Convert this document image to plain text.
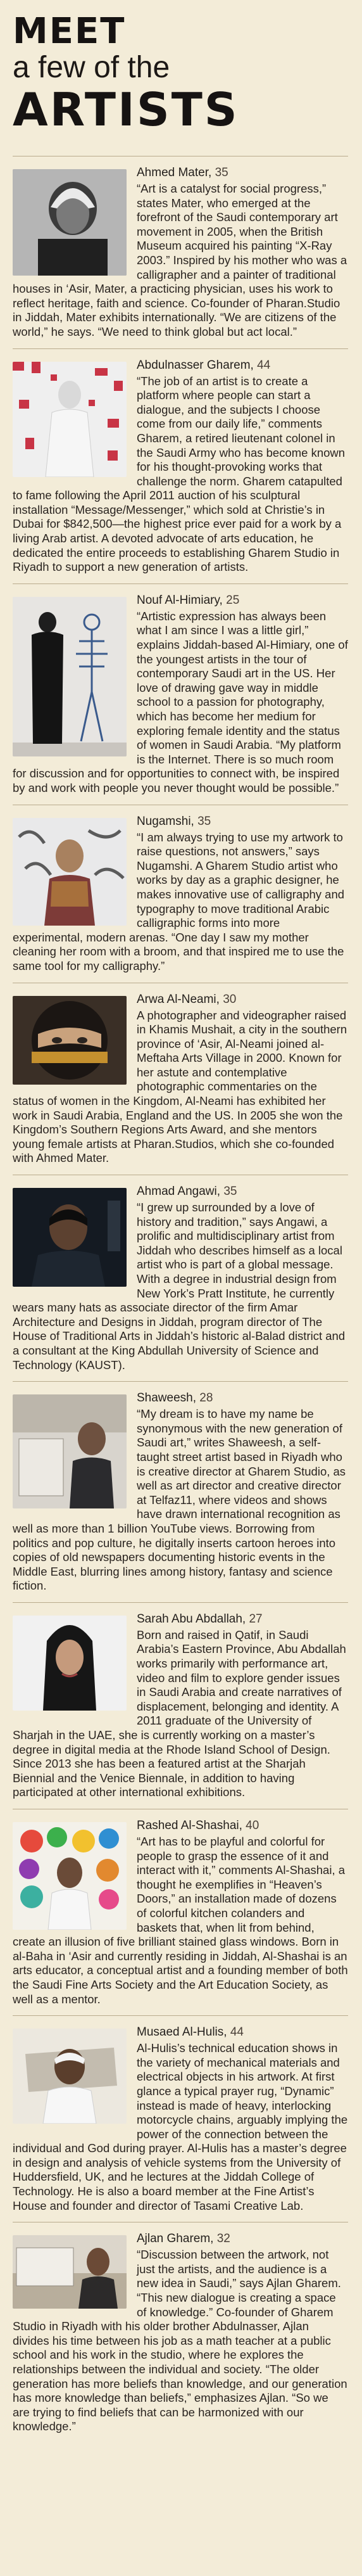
MEET
a few of the
ARTISTS
Ahmed Mater, 35
“Art is a catalyst for social progress,” states Mater, who emerged at the forefront of the Saudi contemporary art movement in 2005, when the British Museum acquired his painting “X-Ray 2003.” Inspired by his mother who was a calligrapher and a painter of traditional houses in ‘Asir, Mater, a practicing physician, uses his work to reflect heritage, faith and science. Co-founder of Pharan.Studio in Jiddah, Mater exhibits internationally. “We are citizens of the world,” he says. “We need to think global but act local.”
Abdulnasser Gharem, 44
“The job of an artist is to create a platform where people can start a dialogue, and the subjects I choose come from our daily life,” comments Gharem, a retired lieutenant colonel in the Saudi Army who has become known for his thought-provoking works that challenge the norm. Gharem catapulted to fame following the April 2011 auction of his sculptural installation “Message/Messenger,” which sold at Christie’s in Dubai for $842,500—the highest price ever paid for a work by a living Arab artist. A devoted advocate of arts education, he dedicated the entire proceeds to establishing Gharem Studio in Riyadh to support a new generation of artists.
Nouf Al-Himiary, 25
“Artistic expression has always been what I am since I was a little girl,” explains Jiddah-based Al-Himiary, one of the youngest artists in the tour of contemporary Saudi art in the US. Her love of drawing gave way in middle school to a passion for photography, which has become her medium for exploring female identity and the status of women in Saudi Arabia. “My platform is the Internet. There is so much room for discussion and for opportunities to connect with, be inspired by and work with people you never thought would be possible.”
Nugamshi, 35
“I am always trying to use my artwork to raise questions, not answers,” says Nugamshi. A Gharem Studio artist who works by day as a graphic designer, he makes innovative use of calligraphy and typography to move traditional Arabic calligraphic forms into more experimental, modern arenas. “One day I saw my mother cleaning her room with a broom, and that inspired me to use the same tool for my calligraphy.”
Arwa Al-Neami, 30
A photographer and videographer raised in Khamis Mushait, a city in the southern province of ‘Asir, Al-Neami joined al-Meftaha Arts Village in 2000. Known for her astute and contemplative photographic commentaries on the status of women in the Kingdom, Al-Neami has exhibited her work in Saudi Arabia, England and the US. In 2005 she won the Kingdom’s Southern Regions Arts Award, and she mentors young female artists at Pharan.Studios, which she co-founded with Ahmed Mater.
Ahmad Angawi, 35
“I grew up surrounded by a love of history and tradition,” says Angawi, a prolific and multidisciplinary artist from Jiddah who describes himself as a local artist who is part of a global message. With a degree in industrial design from New York’s Pratt Institute, he currently wears many hats as associate director of the firm Amar Architecture and Designs in Jiddah, program director of The House of Traditional Arts in Jiddah’s historic al-Balad district and a consultant at the King Abdullah University of Science and Technology (KAUST).
Shaweesh, 28
“My dream is to have my name be synonymous with the new generation of Saudi art,” writes Shaweesh, a self-taught street artist based in Riyadh who is creative director at Gharem Studio, as well as art director and creative director at Telfaz11, where videos and shows have drawn international recognition as well as more than 1 billion YouTube views. Borrowing from politics and pop culture, he digitally inserts cartoon heroes into copies of old newspapers documenting historic events in the Middle East, blurring lines among history, fantasy and science fiction.
Sarah Abu Abdallah, 27
Born and raised in Qatif, in Saudi Arabia’s Eastern Province, Abu Abdallah works primarily with performance art, video and film to explore gender issues in Saudi Arabia and create narratives of displacement, belonging and identity. A 2011 graduate of the University of Sharjah in the UAE, she is currently working on a master’s degree in digital media at the Rhode Island School of Design. Since 2013 she has been a featured artist at the Sharjah Biennial and the Venice Biennale, in addition to having participated at other international exhibitions.
Rashed Al-Shashai, 40
“Art has to be playful and colorful for people to grasp the essence of it and interact with it,” comments Al-Shashai, a thought he exemplifies in “Heaven’s Doors,” an installation made of dozens of colorful kitchen colanders and baskets that, when lit from behind, create an illusion of five brilliant stained glass windows. Born in al-Baha in ‘Asir and currently residing in Jiddah, Al-Shashai is an arts educator, a conceptual artist and a founding member of both the Saudi Fine Arts Society and the Art Education Society, as well as a mentor.
Musaed Al-Hulis, 44
Al-Hulis’s technical education shows in the variety of mechanical materials and electrical objects in his artwork. At first glance a typical prayer rug, “Dynamic” instead is made of heavy, interlocking motorcycle chains, arguably implying the power of the connection between the individual and God during prayer. Al-Hulis has a master’s degree in design and analysis of vehicle systems from the University of Huddersfield, UK, and he lectures at the Jiddah College of Technology. He is also a board member at the Fine Artist’s House and founder and director of Tasami Creative Lab.
Ajlan Gharem, 32
“Discussion between the artwork, not just the artists, and the audience is a new idea in Saudi,” says Ajlan Gharem. “This new dialogue is creating a space of knowledge.” Co-founder of Gharem Studio in Riyadh with his older brother Abdulnasser, Ajlan divides his time between his job as a math teacher at a public school and his work in the studio, where he explores the relationships between the individual and society. “The older generation has more beliefs than knowledge, and our generation has more knowledge than beliefs,” emphasizes Ajlan. “So we are trying to find beliefs that can be harmonized with our knowledge.”
